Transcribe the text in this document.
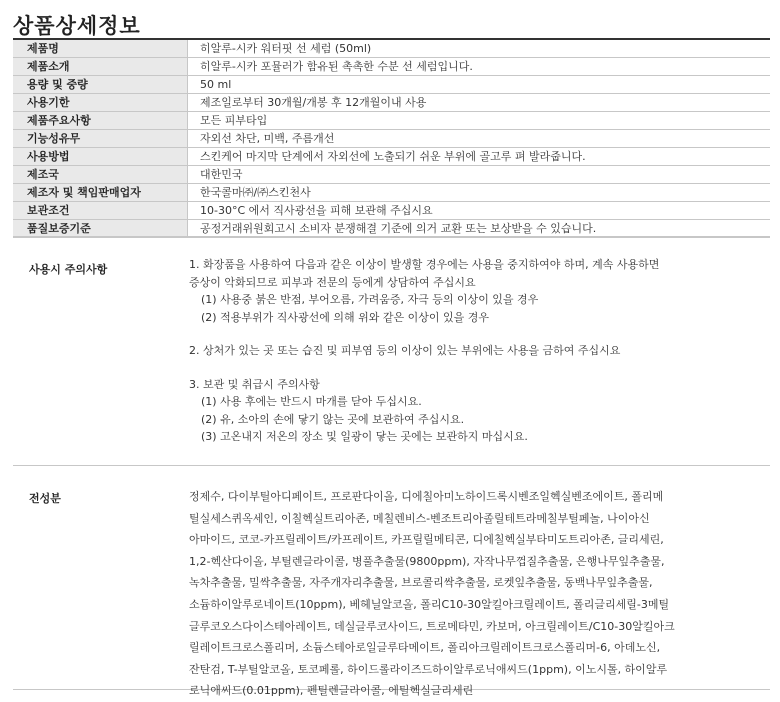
상품상세정보
제품명	히알루-시카 워터핏 선 세럼 (50ml)
제품소개	히알루-시카 포뮬러가 함유된 촉촉한 수분 선 세럼입니다.
용량 및 중량	50 ml
사용기한	제조일로부터 30개월/개봉 후 12개월이내 사용
제품주요사항	모든 피부타입
기능성유무	자외선 차단, 미백, 주름개선
사용방법	스킨케어 마지막 단계에서 자외선에 노출되기 쉬운 부위에 골고루 펴 발라줍니다.
제조국	대한민국
제조자 및 책임판매업자	한국콜마㈜/㈜스킨천사
보관조건	10-30°C 에서 직사광선을 피해 보관해 주십시요
품질보증기준	공정거래위원회고시 소비자 분쟁해결 기준에 의거 교환 또는 보상받을 수 있습니다.
사용시 주의사항	1. 화장품을 사용하여 다음과 같은 이상이 발생할 경우에는 사용을 중지하여야 하며, 계속 사용하면
증상이 악화되므로 피부과 전문의 등에게 상담하여 주십시요
(1) 사용중 붉은 반점, 부어오름, 가려움증, 자극 등의 이상이 있을 경우
(2) 적용부위가 직사광선에 의해 위와 같은 이상이 있을 경우
2. 상처가 있는 곳 또는 습진 및 피부염 등의 이상이 있는 부위에는 사용을 금하여 주십시요
3. 보관 및 취급시 주의사항
(1) 사용 후에는 반드시 마개를 닫아 두십시요.
(2) 유, 소아의 손에 닿기 않는 곳에 보관하여 주십시요.
(3) 고온내지 저온의 장소 및 일광이 닿는 곳에는 보관하지 마십시요.
전성분	정제수, 다이부틸아디페이트, 프로판다이올, 디에칠아미노하이드록시벤조일헥실벤조에이트, 폴리메
틸실세스퀴옥세인, 이칠헥실트리아존, 메칠렌비스-벤조트리아졸릴테트라메칠부틸페놀, 나이아신
아마이드, 코코-카프릴레이트/카프레이트, 카프릴릴메티콘, 디에칠헥실부타미도트리아존, 글리세린,
1,2-헥산다이올, 부틸렌글라이콜, 병풀추출물(9800ppm), 자작나무껍질추출물, 은행나무잎추출물,
녹차추출물, 밀싹추출물, 자주개자리추출물, 브로콜리싹추출물, 로켓잎추출물, 동백나무잎추출물,
소듐하이알루로네이트(10ppm), 베헤닐알코올, 폴리C10-30알킬아크릴레이트, 폴리글리세릴-3메틸
글루코오스다이스테아레이트, 데실글루코사이드, 트로메타민, 카보머, 아크릴레이트/C10-30알킬아크
릴레이트크로스폴리머, 소듐스테아로일글루타메이트, 폴리아크릴레이트크로스폴리머-6, 아데노신,
잔탄검, T-부틸알코올, 토코페롤, 하이드롤라이즈드하이알루로닉애씨드(1ppm), 이노시톨, 하이알루
로닉애씨드(0.01ppm), 펜틸렌글라이콜, 에틸헥실글리세린
